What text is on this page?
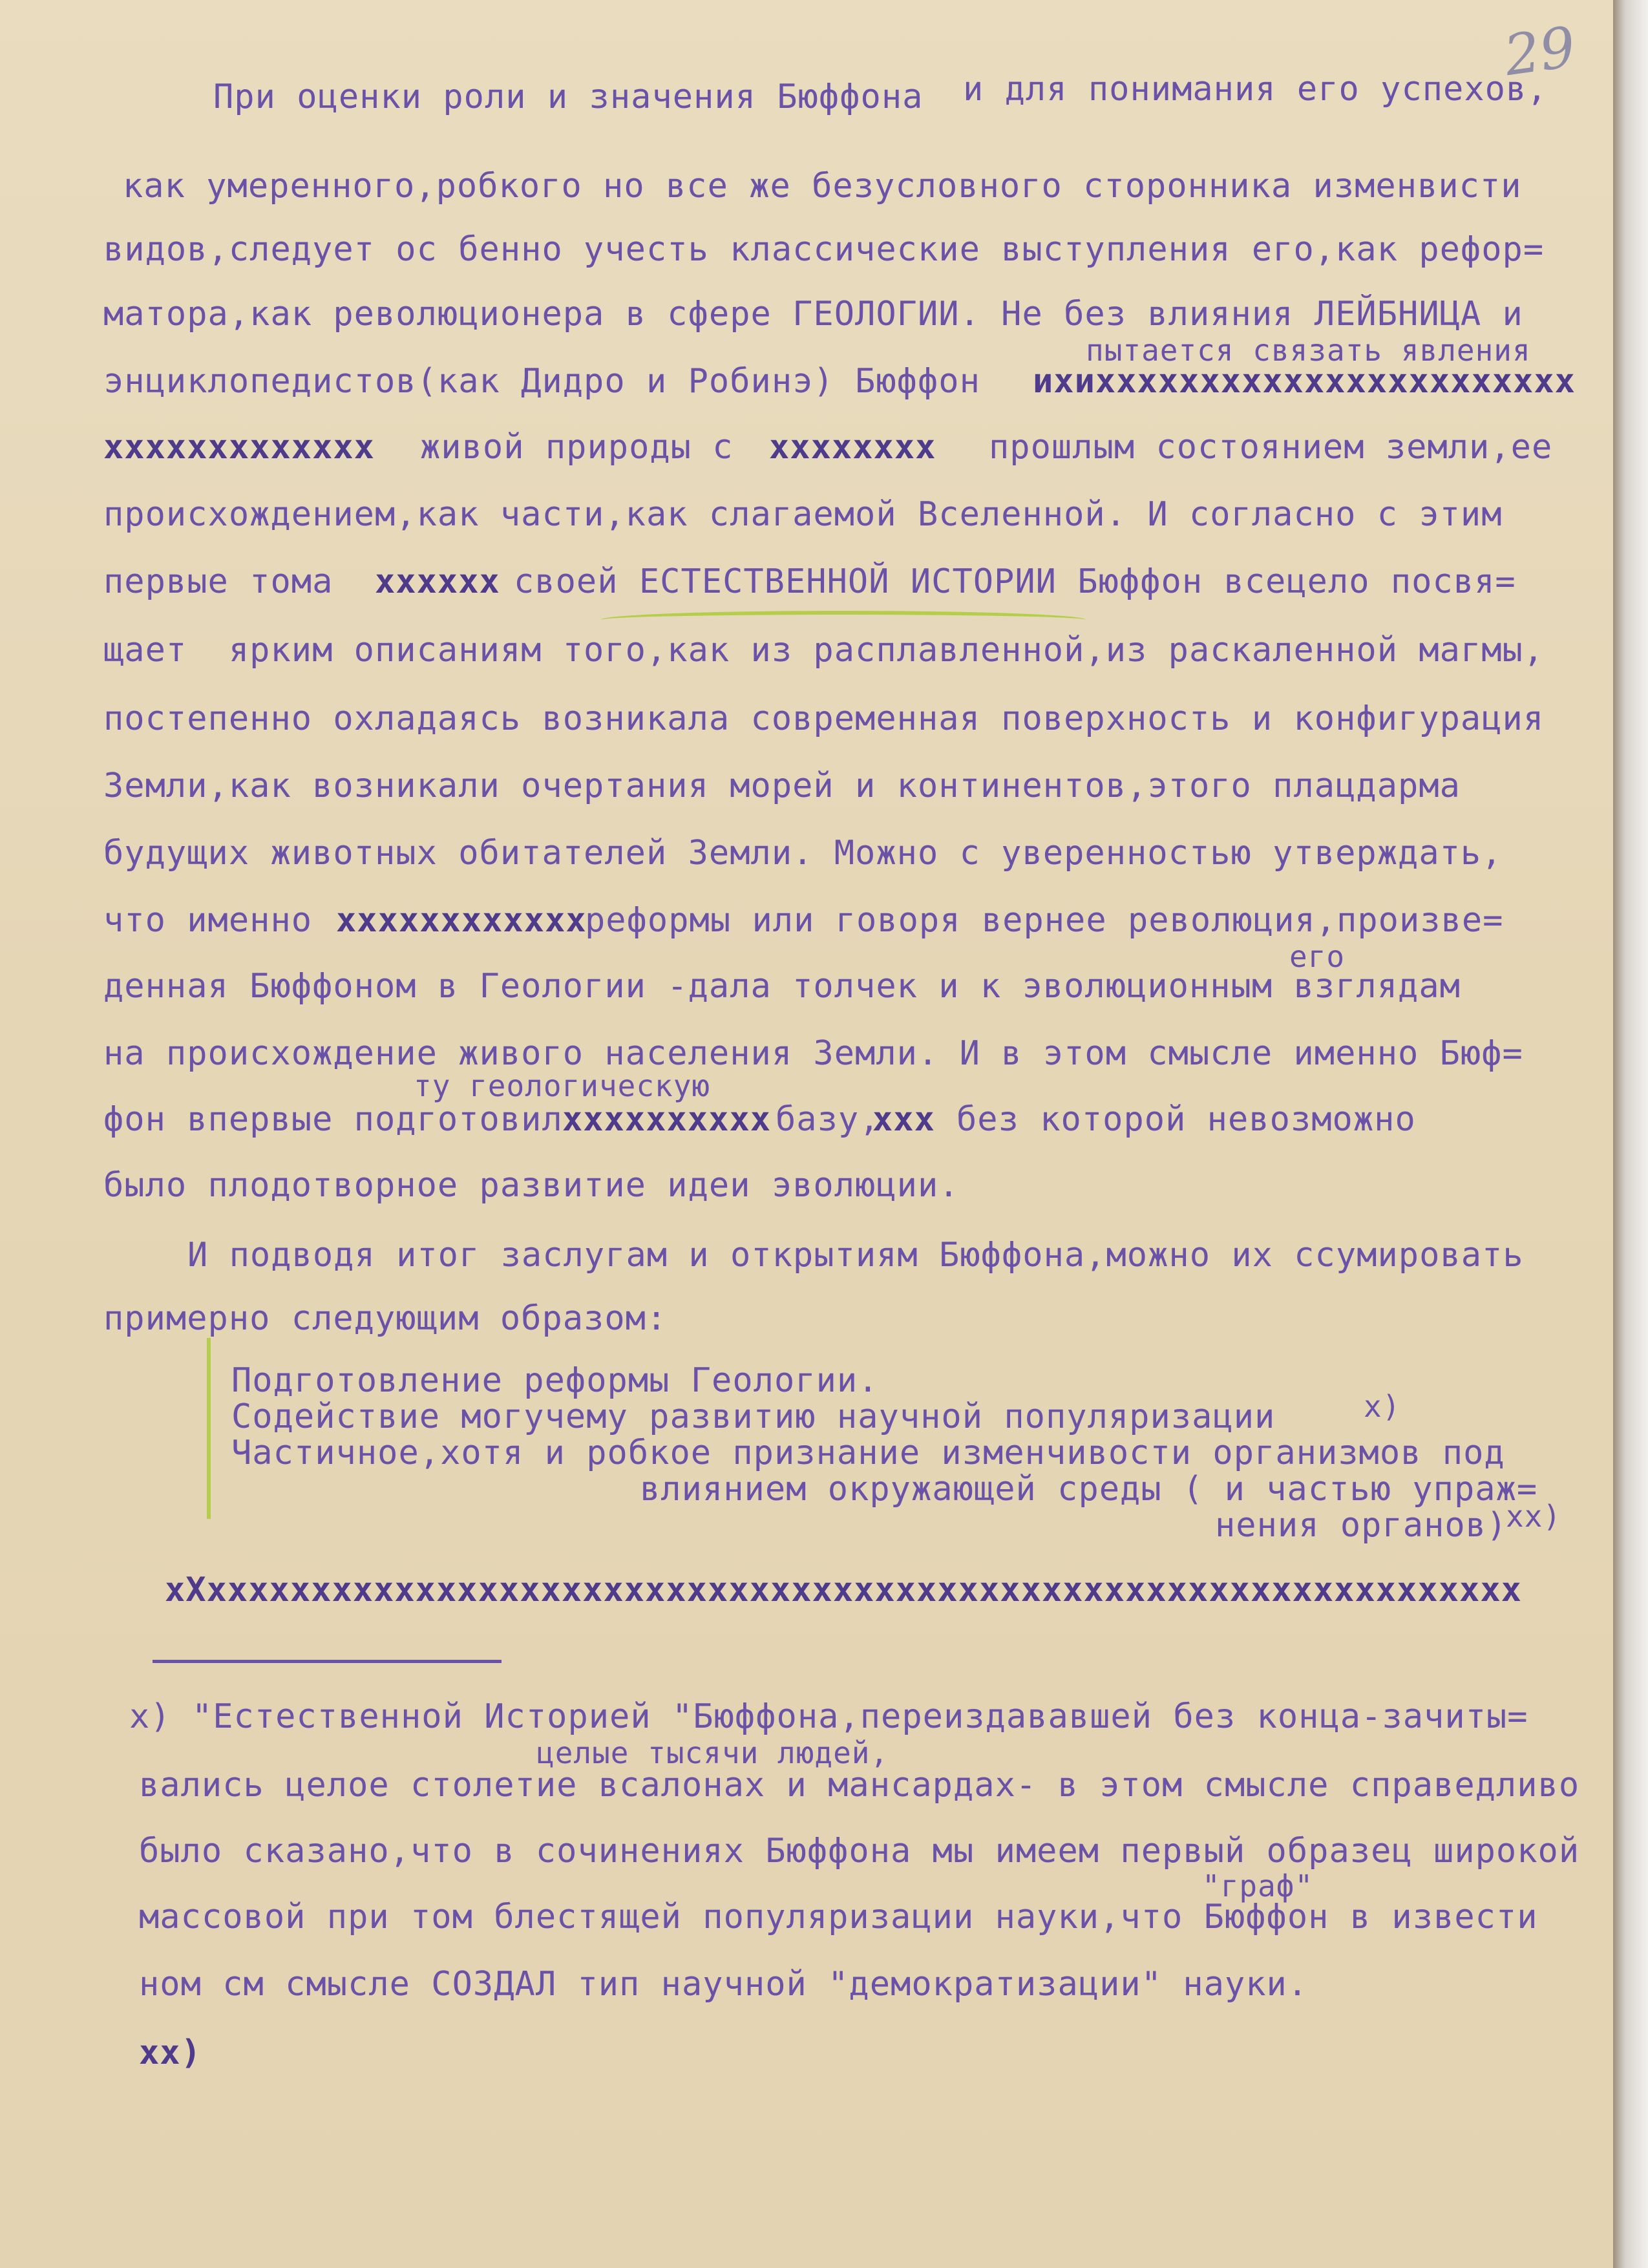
29

При оценки роли и значения Бюффона и для понимания его успехов,

как умеренного,робкого но все же безусловного сторонника изменвисти

видов,следует ос бенно учесть классические выступления его,как рефор=

матора,как революционера в сфере ГЕОЛОГИИ. Не без влияния ЛЕЙБНИЦА и

пытается связать явления

энциклопедистов(как Дидро и Робинэ) Бюффон ихиxxxxxxxxxxxxxxxxxxxxxхх

ххххххххххххх живой природы с хххххххх прошлым состоянием земли,ее

происхождением,как части,как слагаемой Вселенной. И согласно с этим

первые тома хххххх своей ЕСТЕСТВЕННОЙ ИСТОРИИ Бюффон всецело посвя=

щает  ярким описаниям того,как из расплавленной,из раскаленной магмы,

постепенно охладаясь возникала современная поверхность и конфигурация

Земли,как возникали очертания морей и континентов,этого плацдарма

будущих животных обитателей Земли. Можно с уверенностью утверждать,

что именно хххххххххххх

реформы или говоря вернее революция,произве=

его

денная Бюффоном в Геологии -дала толчек и к эволюционным взглядам

на происхождение живого населения Земли. И в этом смысле именно Бюф=

ту геологическую

фон впервые подготовил хххххххххх базу,

ххх без которой невозможно

было плодотворное развитие идеи эволюции.

И подводя итог заслугам и открытиям Бюффона,можно их ссумировать

примерно следующим образом:

Подготовление реформы Геологии.

Содействие могучему развитию научной популяризации	x)

Частичное,хотя и робкое признание изменчивости организмов под

влиянием окружающей среды ( и частью упраж=

нения органов)

xx)

xXxxxxxxxxxxxxxxxxxxxxxxxxxxxxxxxxxxxxxxxxxxxxxxxxxxxxxxxxxxxxxxx

х) "Естественной Историей "Бюффона,переиздававшей без конца-зачиты=

целые тысячи людей,

вались целое столетие всалонах и мансардах- в этом смысле справедливо

было сказано,что в сочинениях Бюффона мы имеем первый образец широкой

"граф"

массовой при том блестящей популяризации науки,что Бюффон в извести

ном см смысле СОЗДАЛ тип научной "демократизации" науки.

xx)
